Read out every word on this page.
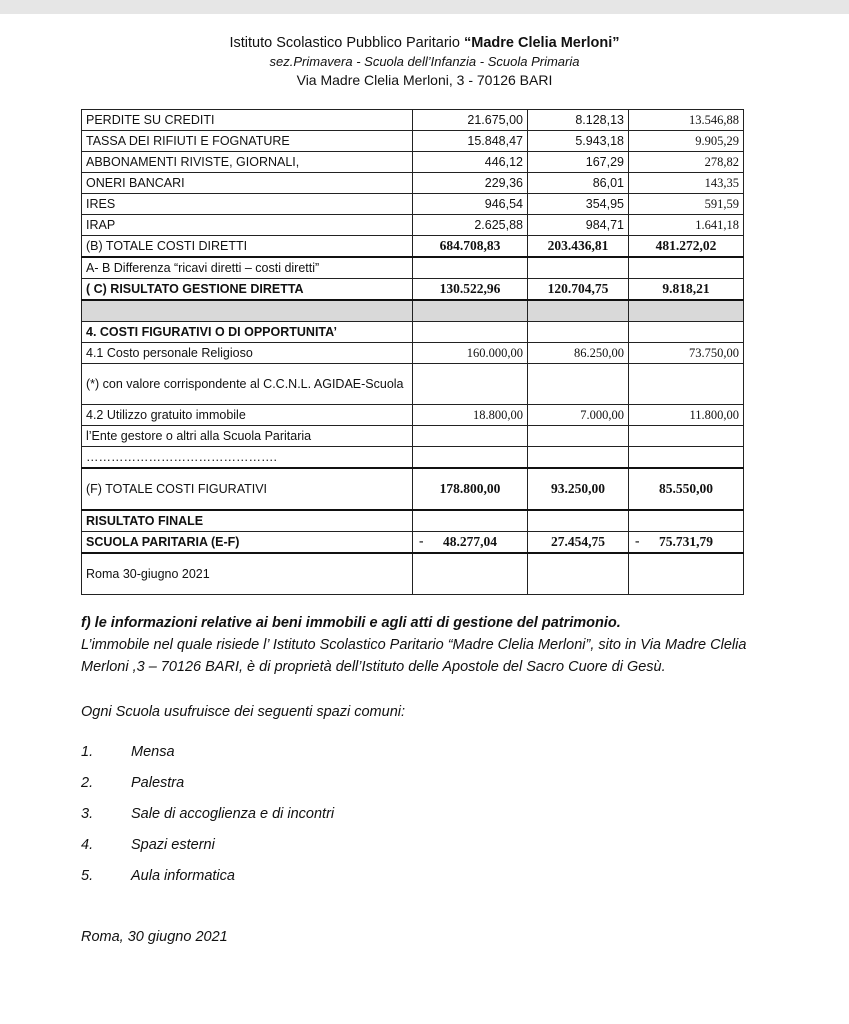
Istituto Scolastico Pubblico Paritario “Madre Clelia Merloni”
sez.Primavera - Scuola dell’Infanzia - Scuola Primaria
Via Madre Clelia Merloni, 3 - 70126 BARI
PERDITE SU CREDITI	21.675,00	8.128,13	13.546,88
TASSA DEI RIFIUTI E FOGNATURE	15.848,47	5.943,18	9.905,29
ABBONAMENTI RIVISTE, GIORNALI,	446,12	167,29	278,82
ONERI BANCARI	229,36	86,01	143,35
IRES	946,54	354,95	591,59
IRAP	2.625,88	984,71	1.641,18
(B) TOTALE COSTI DIRETTI	684.708,83	203.436,81	481.272,02
A- B Differenza “ricavi diretti – costi diretti”			
( C) RISULTATO GESTIONE DIRETTA	130.522,96	120.704,75	9.818,21

4. COSTI FIGURATIVI O DI OPPORTUNITA’			
4.1 Costo personale Religioso	160.000,00	86.250,00	73.750,00
(*) con valore corrispondente al C.C.N.L. AGIDAE-Scuola			
4.2 Utilizzo gratuito immobile	18.800,00	7.000,00	11.800,00
l’Ente gestore o altri alla Scuola Paritaria			
……………………………………….			
(F) TOTALE COSTI FIGURATIVI	178.800,00	93.250,00	85.550,00
RISULTATO FINALE			
SCUOLA PARITARIA (E-F)	- 48.277,04	27.454,75	- 75.731,79
Roma 30-giugno 2021			

f) le informazioni relative ai beni immobili e agli atti di gestione del patrimonio.

L’immobile nel quale risiede l’ Istituto Scolastico Paritario “Madre Clelia Merloni”, sito in Via Madre Clelia Merloni ,3 – 70126 BARI, è di proprietà dell’Istituto delle Apostole del Sacro Cuore di Gesù.

Ogni Scuola usufruisce dei seguenti spazi comuni:
1.	Mensa
2.	Palestra
3.	Sale di accoglienza e di incontri
4.	Spazi esterni
5.	Aula informatica
Roma, 30 giugno 2021
